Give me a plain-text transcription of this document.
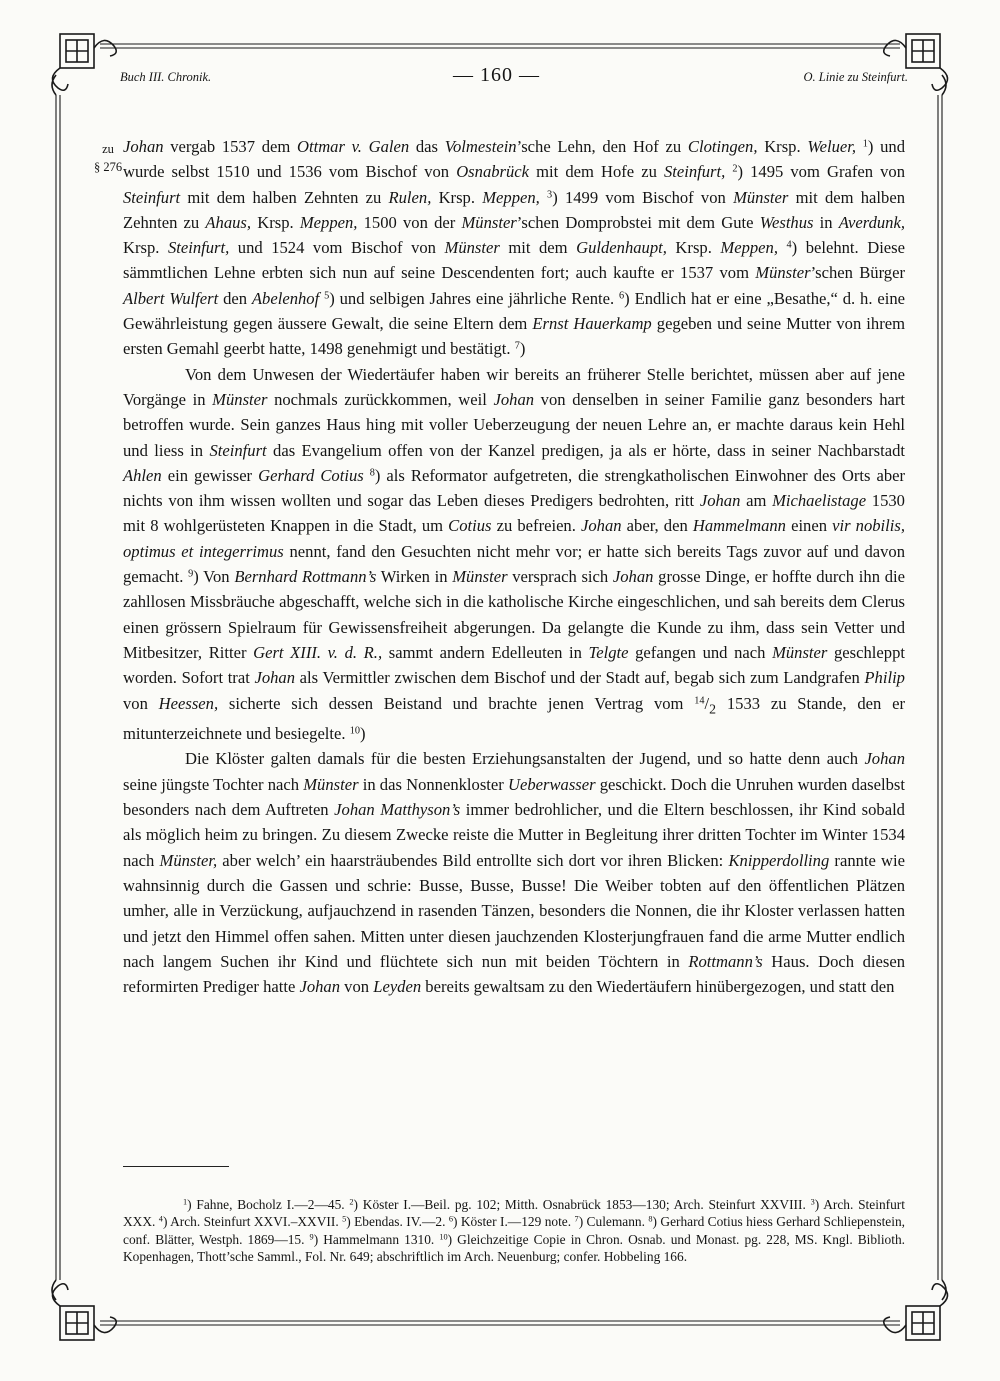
Buch III. Chronik.	— 160 —	O. Linie zu Steinfurt.
zu
§ 276

Johan vergab 1537 dem Ottmar v. Galen das Volmestein’sche Lehn, den Hof zu Clotingen, Krsp. Weluer, $^1$) und wurde selbst 1510 und 1536 vom Bischof von Osnabrück mit dem Hofe zu Steinfurt, $^2$) 1495 vom Grafen von Steinfurt mit dem halben Zehnten zu Rulen, Krsp. Meppen, $^3$) 1499 vom Bischof von Münster mit dem halben Zehnten zu Ahaus, Krsp. Meppen, 1500 von der Münster’schen Domprobstei mit dem Gute Westhus in Averdunk, Krsp. Steinfurt, und 1524 vom Bischof von Münster mit dem Guldenhaupt, Krsp. Meppen, $^4$) belehnt. Diese sämmtlichen Lehne erbten sich nun auf seine Descendenten fort; auch kaufte er 1537 vom Münster’schen Bürger Albert Wulfert den Abelenhof $^5$) und selbigen Jahres eine jährliche Rente. $^6$) Endlich hat er eine „Besathe,“ d. h. eine Gewährleistung gegen äussere Gewalt, die seine Eltern dem Ernst Hauerkamp gegeben und seine Mutter von ihrem ersten Gemahl geerbt hatte, 1498 genehmigt und bestätigt. $^7$)

Von dem Unwesen der Wiedertäufer haben wir bereits an früherer Stelle berichtet, müssen aber auf jene Vorgänge in Münster nochmals zurückkommen, weil Johan von denselben in seiner Familie ganz besonders hart betroffen wurde. Sein ganzes Haus hing mit voller Ueberzeugung der neuen Lehre an, er machte daraus kein Hehl und liess in Steinfurt das Evangelium offen von der Kanzel predigen, ja als er hörte, dass in seiner Nachbarstadt Ahlen ein gewisser Gerhard Cotius $^8$) als Reformator aufgetreten, die strengkatholischen Einwohner des Orts aber nichts von ihm wissen wollten und sogar das Leben dieses Predigers bedrohten, ritt Johan am Michaelistage 1530 mit 8 wohlgerüsteten Knappen in die Stadt, um Cotius zu befreien. Johan aber, den Hammelmann einen vir nobilis, optimus et integerrimus nennt, fand den Gesuchten nicht mehr vor; er hatte sich bereits Tags zuvor auf und davon gemacht. $^9$) Von Bernhard Rottmann’s Wirken in Münster versprach sich Johan grosse Dinge, er hoffte durch ihn die zahllosen Missbräuche abgeschafft, welche sich in die katholische Kirche eingeschlichen, und sah bereits dem Clerus einen grössern Spielraum für Gewissensfreiheit abgerungen. Da gelangte die Kunde zu ihm, dass sein Vetter und Mitbesitzer, Ritter Gert XIII. v. d. R., sammt andern Edelleuten in Telgte gefangen und nach Münster geschleppt worden. Sofort trat Johan als Vermittler zwischen dem Bischof und der Stadt auf, begab sich zum Landgrafen Philip von Heessen, sicherte sich dessen Beistand und brachte jenen Vertrag vom $^{14}/_2$ 1533 zu Stande, den er mitunterzeichnete und besiegelte. $^{10}$)

Die Klöster galten damals für die besten Erziehungsanstalten der Jugend, und so hatte denn auch Johan seine jüngste Tochter nach Münster in das Nonnenkloster Ueberwasser geschickt. Doch die Unruhen wurden daselbst besonders nach dem Auftreten Johan Matthyson’s immer bedrohlicher, und die Eltern beschlossen, ihr Kind sobald als möglich heim zu bringen. Zu diesem Zwecke reiste die Mutter in Begleitung ihrer dritten Tochter im Winter 1534 nach Münster, aber welch’ ein haarsträubendes Bild entrollte sich dort vor ihren Blicken: Knipperdolling rannte wie wahnsinnig durch die Gassen und schrie: Busse, Busse, Busse! Die Weiber tobten auf den öffentlichen Plätzen umher, alle in Verzückung, aufjauchzend in rasenden Tänzen, besonders die Nonnen, die ihr Kloster verlassen hatten und jetzt den Himmel offen sahen. Mitten unter diesen jauchzenden Klosterjungfrauen fand die arme Mutter endlich nach langem Suchen ihr Kind und flüchtete sich nun mit beiden Töchtern in Rottmann’s Haus. Doch diesen reformirten Prediger hatte Johan von Leyden bereits gewaltsam zu den Wiedertäufern hinübergezogen, und statt den

$^1$) Fahne, Bocholz I.—2—45. $^2$) Köster I.—Beil. pg. 102; Mitth. Osnabrück 1853—130; Arch. Steinfurt XXVIII. $^3$) Arch. Steinfurt XXX. $^4$) Arch. Steinfurt XXVI.–XXVII. $^5$) Ebendas. IV.—2. $^6$) Köster I.—129 note. $^7$) Culemann. $^8$) Gerhard Cotius hiess Gerhard Schliepenstein, conf. Blätter, Westph. 1869—15. $^9$) Hammelmann 1310. $^{10}$) Gleichzeitige Copie in Chron. Osnab. und Monast. pg. 228, MS. Kngl. Biblioth. Kopenhagen, Thott’sche Samml., Fol. Nr. 649; abschriftlich im Arch. Neuenburg; confer. Hobbeling 166.
